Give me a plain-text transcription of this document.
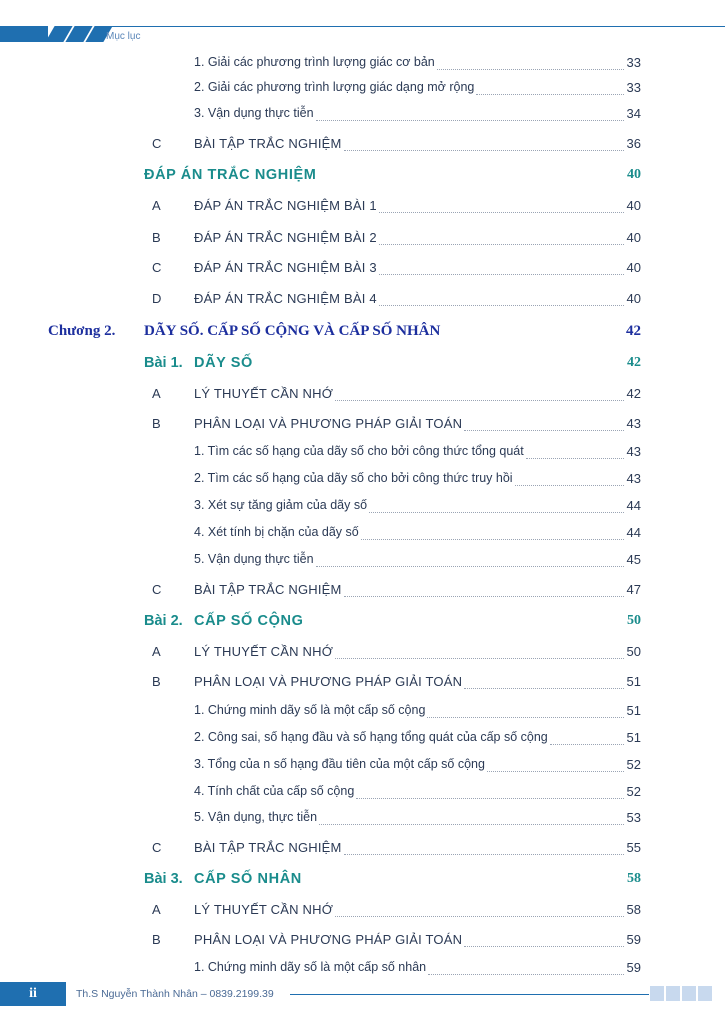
Mục lục
1. Giải các phương trình lượng giác cơ bản	33
2. Giải các phương trình lượng giác dạng mở rộng	33
3. Vận dụng thực tiễn	34
C	BÀI TẬP TRẮC NGHIỆM	36
ĐÁP ÁN TRẮC NGHIỆM	40
A	ĐÁP ÁN TRẮC NGHIỆM BÀI 1	40
B	ĐÁP ÁN TRẮC NGHIỆM BÀI 2	40
C	ĐÁP ÁN TRẮC NGHIỆM BÀI 3	40
D	ĐÁP ÁN TRẮC NGHIỆM BÀI 4	40
Chương 2. DÃY SỐ. CẤP SỐ CỘNG VÀ CẤP SỐ NHÂN	42
Bài 1. DÃY SỐ	42
A	LÝ THUYẾT CẦN NHỚ	42
B	PHÂN LOẠI VÀ PHƯƠNG PHÁP GIẢI TOÁN	43
1. Tìm các số hạng của dãy số cho bởi công thức tổng quát	43
2. Tìm các số hạng của dãy số cho bởi công thức truy hồi	43
3. Xét sự tăng giảm của dãy số	44
4. Xét tính bị chặn của dãy số	44
5. Vận dụng thực tiễn	45
C	BÀI TẬP TRẮC NGHIỆM	47
Bài 2. CẤP SỐ CỘNG	50
A	LÝ THUYẾT CẦN NHỚ	50
B	PHÂN LOẠI VÀ PHƯƠNG PHÁP GIẢI TOÁN	51
1. Chứng minh dãy số là một cấp số cộng	51
2. Công sai, số hạng đầu và số hạng tổng quát của cấp số cộng	51
3. Tổng của n số hạng đầu tiên của một cấp số cộng	52
4. Tính chất của cấp số cộng	52
5. Vận dụng, thực tiễn	53
C	BÀI TẬP TRẮC NGHIỆM	55
Bài 3. CẤP SỐ NHÂN	58
A	LÝ THUYẾT CẦN NHỚ	58
B	PHÂN LOẠI VÀ PHƯƠNG PHÁP GIẢI TOÁN	59
1. Chứng minh dãy số là một cấp số nhân	59
ii	Th.S Nguyễn Thành Nhân – 0839.2199.39
